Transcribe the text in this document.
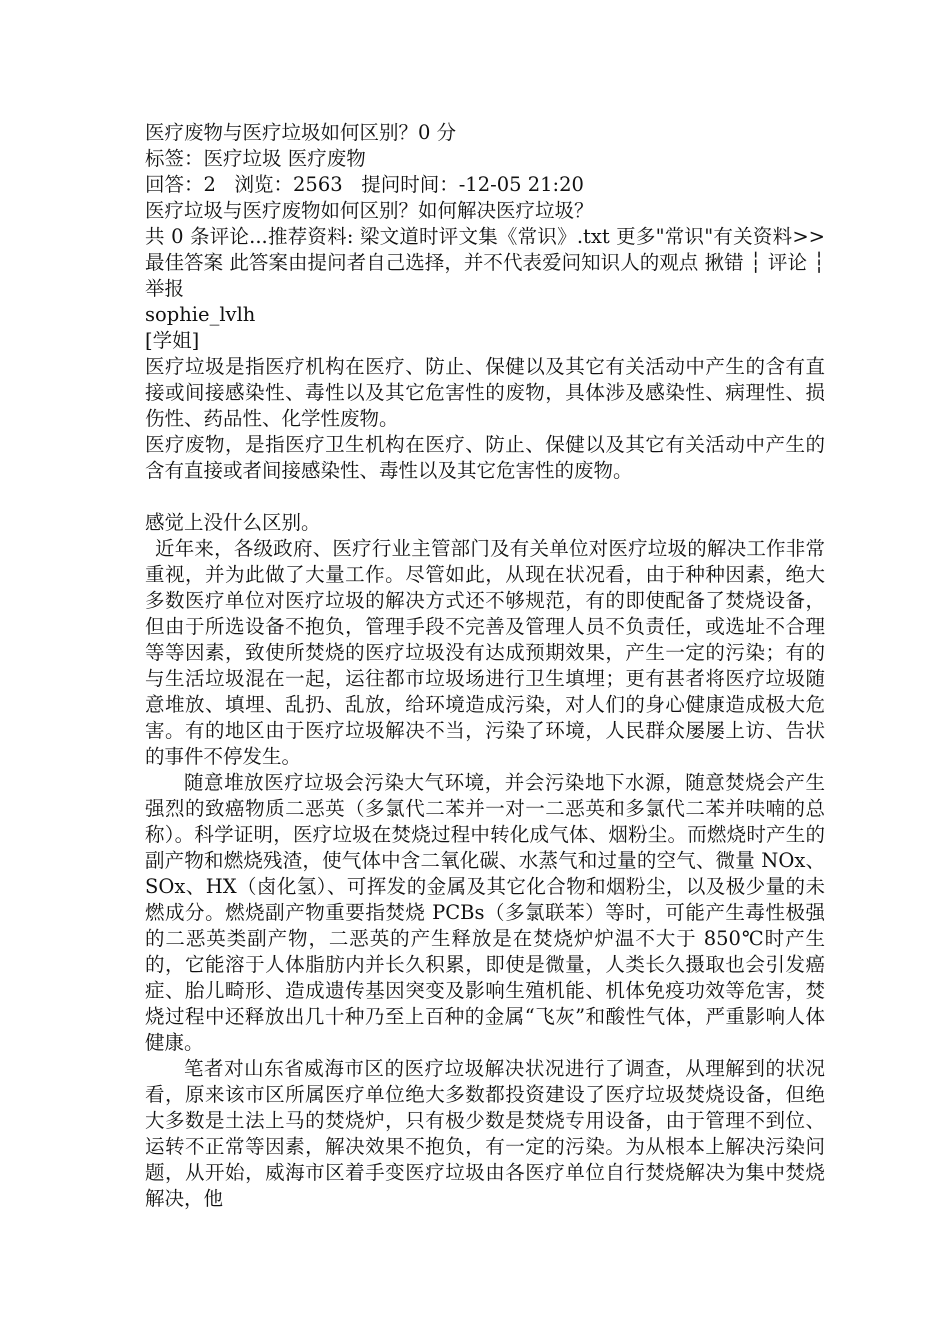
医疗废物与医疗垃圾如何区别？0 分
标签：医疗垃圾 医疗废物
回答：2   浏览：2563   提问时间：-12-05 21:20
医疗垃圾与医疗废物如何区别？如何解决医疗垃圾？
共 0 条评论...推荐资料: 梁文道时评文集《常识》.txt 更多"常识"有关资料>> 最佳答案 此答案由提问者自己选择，并不代表爱问知识人的观点 揪错 ┆ 评论 ┆ 举报
sophie_lvlh
[学姐]
医疗垃圾是指医疗机构在医疗、防止、保健以及其它有关活动中产生的含有直接或间接感染性、毒性以及其它危害性的废物，具体涉及感染性、病理性、损伤性、药品性、化学性废物。
医疗废物，是指医疗卫生机构在医疗、防止、保健以及其它有关活动中产生的含有直接或者间接感染性、毒性以及其它危害性的废物。
感觉上没什么区别。
近年来，各级政府、医疗行业主管部门及有关单位对医疗垃圾的解决工作非常重视，并为此做了大量工作。尽管如此，从现在状况看，由于种种因素，绝大多数医疗单位对医疗垃圾的解决方式还不够规范，有的即使配备了焚烧设备，但由于所选设备不抱负，管理手段不完善及管理人员不负责任，或选址不合理等等因素，致使所焚烧的医疗垃圾没有达成预期效果，产生一定的污染；有的与生活垃圾混在一起，运往都市垃圾场进行卫生填埋；更有甚者将医疗垃圾随意堆放、填埋、乱扔、乱放，给环境造成污染，对人们的身心健康造成极大危害。有的地区由于医疗垃圾解决不当，污染了环境，人民群众屡屡上访、告状的事件不停发生。
随意堆放医疗垃圾会污染大气环境，并会污染地下水源，随意焚烧会产生强烈的致癌物质二恶英（多氯代二苯并一对一二恶英和多氯代二苯并呋喃的总称）。科学证明，医疗垃圾在焚烧过程中转化成气体、烟粉尘。而燃烧时产生的副产物和燃烧残渣，使气体中含二氧化碳、水蒸气和过量的空气、微量 NOx、SOx、HX（卤化氢）、可挥发的金属及其它化合物和烟粉尘，以及极少量的未燃成分。燃烧副产物重要指焚烧 PCBs（多氯联苯）等时，可能产生毒性极强的二恶英类副产物，二恶英的产生释放是在焚烧炉炉温不大于 850℃时产生的，它能溶于人体脂肪内并长久积累，即使是微量，人类长久摄取也会引发癌症、胎儿畸形、造成遗传基因突变及影响生殖机能、机体免疫功效等危害，焚烧过程中还释放出几十种乃至上百种的金属“飞灰”和酸性气体，严重影响人体健康。
笔者对山东省威海市区的医疗垃圾解决状况进行了调查，从理解到的状况看，原来该市区所属医疗单位绝大多数都投资建设了医疗垃圾焚烧设备，但绝大多数是土法上马的焚烧炉，只有极少数是焚烧专用设备，由于管理不到位、运转不正常等因素，解决效果不抱负，有一定的污染。为从根本上解决污染问题，从开始，威海市区着手变医疗垃圾由各医疗单位自行焚烧解决为集中焚烧解决，他
